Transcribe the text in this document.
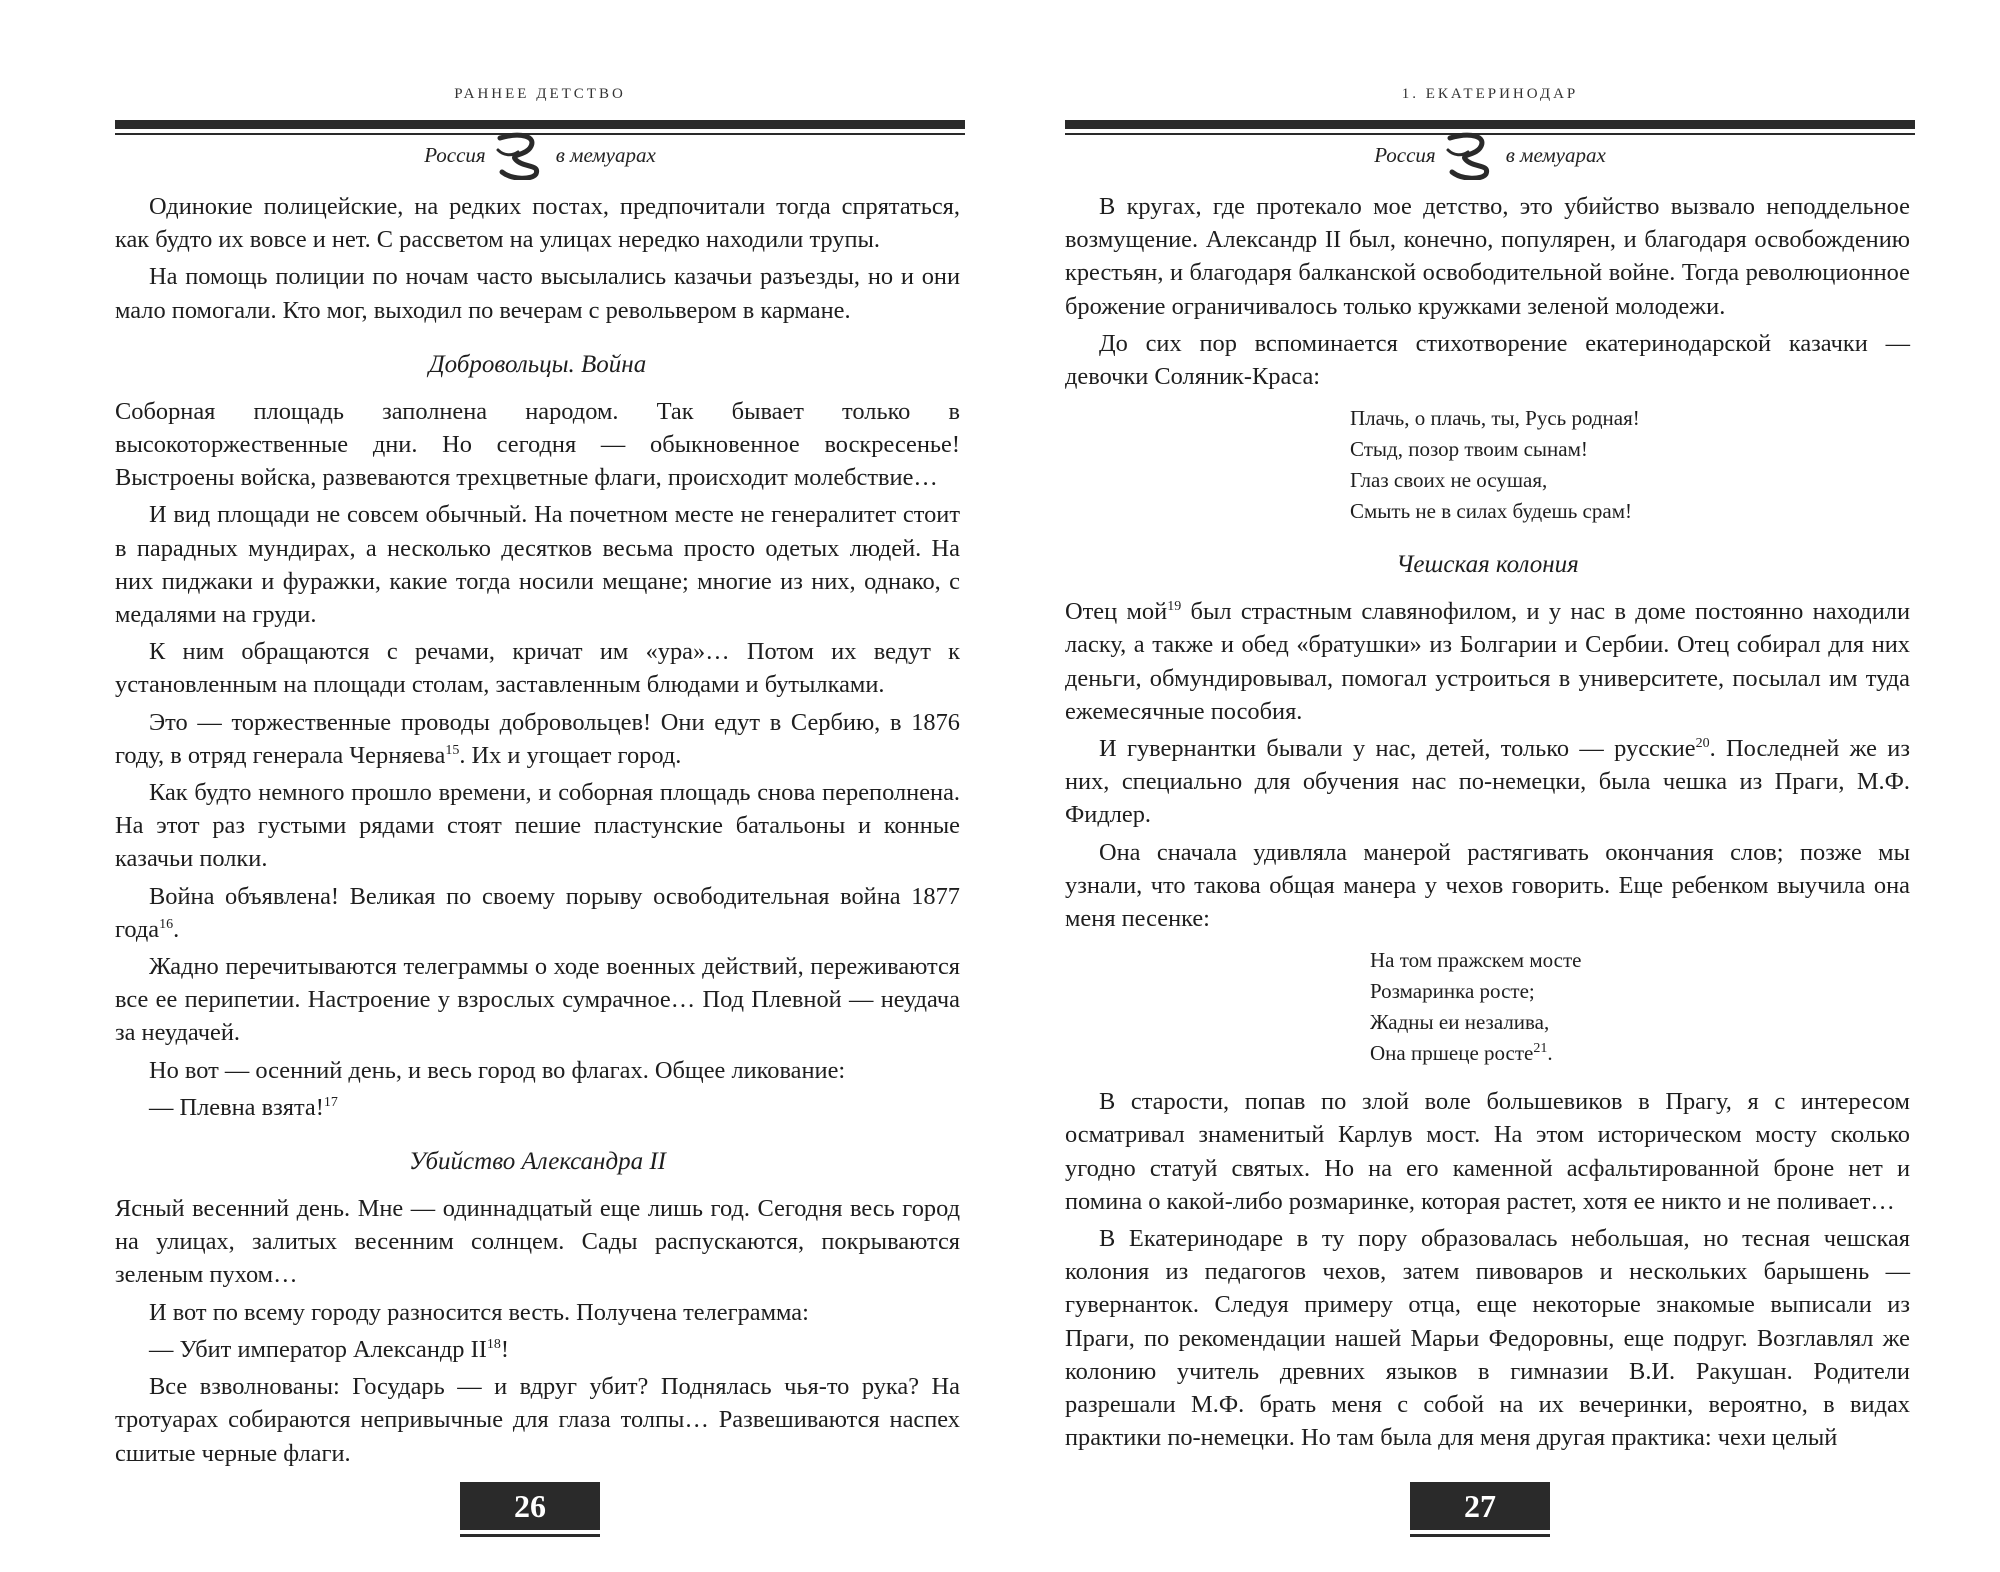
РАННЕЕ ДЕТСТВО
Россия	в мемуарах

Одинокие полицейские, на редких постах, предпочитали тогда спрятаться, как будто их вовсе и нет. С рассветом на улицах нередко находили трупы.

На помощь полиции по ночам часто высылались казачьи разъезды, но и они мало помогали. Кто мог, выходил по вечерам с револьвером в кармане.

Добровольцы. Война

Соборная площадь заполнена народом. Так бывает только в высокоторжественные дни. Но сегодня — обыкновенное воскресенье! Выстроены войска, развеваются трехцветные флаги, происходит молебствие…

И вид площади не совсем обычный. На почетном месте не генералитет стоит в парадных мундирах, а несколько десятков весьма просто одетых людей. На них пиджаки и фуражки, какие тогда носили мещане; многие из них, однако, с медалями на груди.

К ним обращаются с речами, кричат им «ура»… Потом их ведут к установленным на площади столам, заставленным блюдами и бутылками.

Это — торжественные проводы добровольцев! Они едут в Сербию, в 1876 году, в отряд генерала Черняева$^{15}$. Их и угощает город.

Как будто немного прошло времени, и соборная площадь снова переполнена. На этот раз густыми рядами стоят пешие пластунские батальоны и конные казачьи полки.

Война объявлена! Великая по своему порыву освободительная война 1877 года$^{16}$.

Жадно перечитываются телеграммы о ходе военных действий, переживаются все ее перипетии. Настроение у взрослых сумрачное… Под Плевной — неудача за неудачей.

Но вот — осенний день, и весь город во флагах. Общее ликование:

— Плевна взята!$^{17}$

Убийство Александра II

Ясный весенний день. Мне — одиннадцатый еще лишь год. Сегодня весь город на улицах, залитых весенним солнцем. Сады распускаются, покрываются зеленым пухом…

И вот по всему городу разносится весть. Получена телеграмма:

— Убит император Александр II$^{18}$!

Все взволнованы: Государь — и вдруг убит? Поднялась чья-то рука? На тротуарах собираются непривычные для глаза толпы… Развешиваются наспех сшитые черные флаги.

26
1. ЕКАТЕРИНОДАР
Россия	в мемуарах

В кругах, где протекало мое детство, это убийство вызвало неподдельное возмущение. Александр II был, конечно, популярен, и благодаря освобождению крестьян, и благодаря балканской освободительной войне. Тогда революционное брожение ограничивалось только кружками зеленой молодежи.

До сих пор вспоминается стихотворение екатеринодарской казачки — девочки Соляник-Краса:

Плачь, о плачь, ты, Русь родная!
Стыд, позор твоим сынам!
Глаз своих не осушая,
Смыть не в силах будешь срам!
Чешская колония

Отец мой$^{19}$ был страстным славянофилом, и у нас в доме постоянно находили ласку, а также и обед «братушки» из Болгарии и Сербии. Отец собирал для них деньги, обмундировывал, помогал устроиться в университете, посылал им туда ежемесячные пособия.

И гувернантки бывали у нас, детей, только — русские$^{20}$. Последней же из них, специально для обучения нас по-немецки, была чешка из Праги, М.Ф. Фидлер.

Она сначала удивляла манерой растягивать окончания слов; позже мы узнали, что такова общая манера у чехов говорить. Еще ребенком выучила она меня песенке:

На том пражскем мосте
Розмаринка росте;
Жадны еи незалива,
Она пршеце росте$^{21}$.

В старости, попав по злой воле большевиков в Прагу, я с интересом осматривал знаменитый Карлув мост. На этом историческом мосту сколько угодно статуй святых. Но на его каменной асфальтированной броне нет и помина о какой-либо розмаринке, которая растет, хотя ее никто и не поливает…

В Екатеринодаре в ту пору образовалась небольшая, но тесная чешская колония из педагогов чехов, затем пивоваров и нескольких барышень — гувернанток. Следуя примеру отца, еще некоторые знакомые выписали из Праги, по рекомендации нашей Марьи Федоровны, еще подруг. Возглавлял же колонию учитель древних языков в гимназии В.И. Ракушан. Родители разрешали М.Ф. брать меня с собой на их вечеринки, вероятно, в видах практики по-немецки. Но там была для меня другая практика: чехи целый

27
